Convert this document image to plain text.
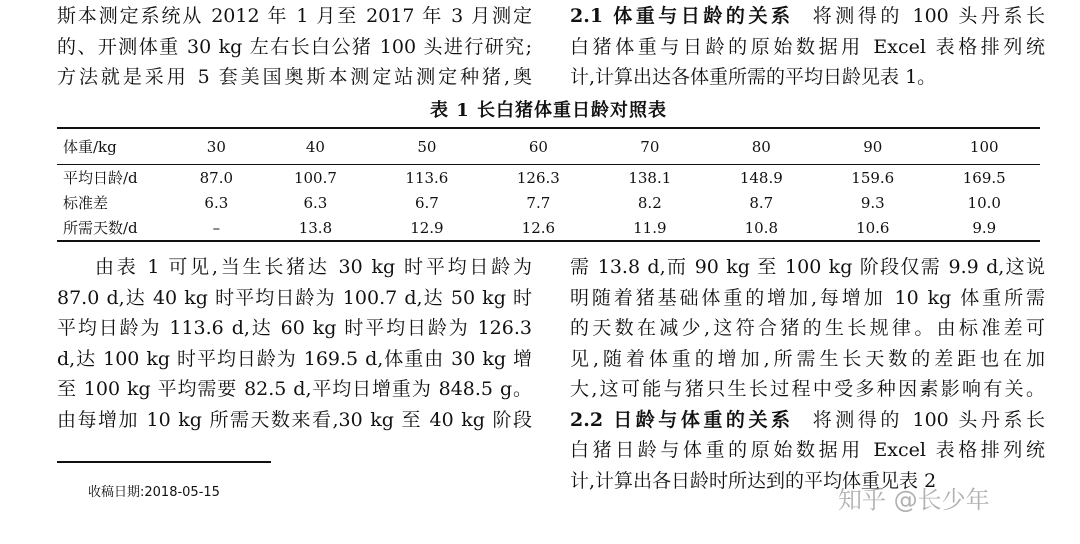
斯本测定系统从 2012 年 1 月至 2017 年 3 月测定

的、开测体重 30 kg 左右长白公猪 100 头进行研究;

方法就是采用 5 套美国奥斯本测定站测定种猪,奥

2.1 体重与日龄的关系 将测得的 100 头丹系长

白猪体重与日龄的原始数据用 Excel 表格排列统

计,计算出达各体重所需的平均日龄见表 1。

表 1 长白猪体重日龄对照表
体重/kg	30	40	50	60	70	80	90	100
平均日龄/d	87.0	100.7	113.6	126.3	138.1	148.9	159.6	169.5
标准差	6.3	6.3	6.7	7.7	8.2	8.7	9.3	10.0
所需天数/d	–	13.8	12.9	12.6	11.9	10.8	10.6	9.9

由表 1 可见,当生长猪达 30 kg 时平均日龄为

87.0 d,达 40 kg 时平均日龄为 100.7 d,达 50 kg 时

平均日龄为 113.6 d,达 60 kg 时平均日龄为 126.3

d,达 100 kg 时平均日龄为 169.5 d,体重由 30 kg 增

至 100 kg 平均需要 82.5 d,平均日增重为 848.5 g。

由每增加 10 kg 所需天数来看,30 kg 至 40 kg 阶段

需 13.8 d,而 90 kg 至 100 kg 阶段仅需 9.9 d,这说

明随着猪基础体重的增加,每增加 10 kg 体重所需

的天数在减少,这符合猪的生长规律。由标准差可

见,随着体重的增加,所需生长天数的差距也在加

大,这可能与猪只生长过程中受多种因素影响有关。

2.2 日龄与体重的关系 将测得的 100 头丹系长

白猪日龄与体重的原始数据用 Excel 表格排列统

计,计算出各日龄时所达到的平均体重见表 2

收稿日期:2018-05-15	知乎 @长少年
